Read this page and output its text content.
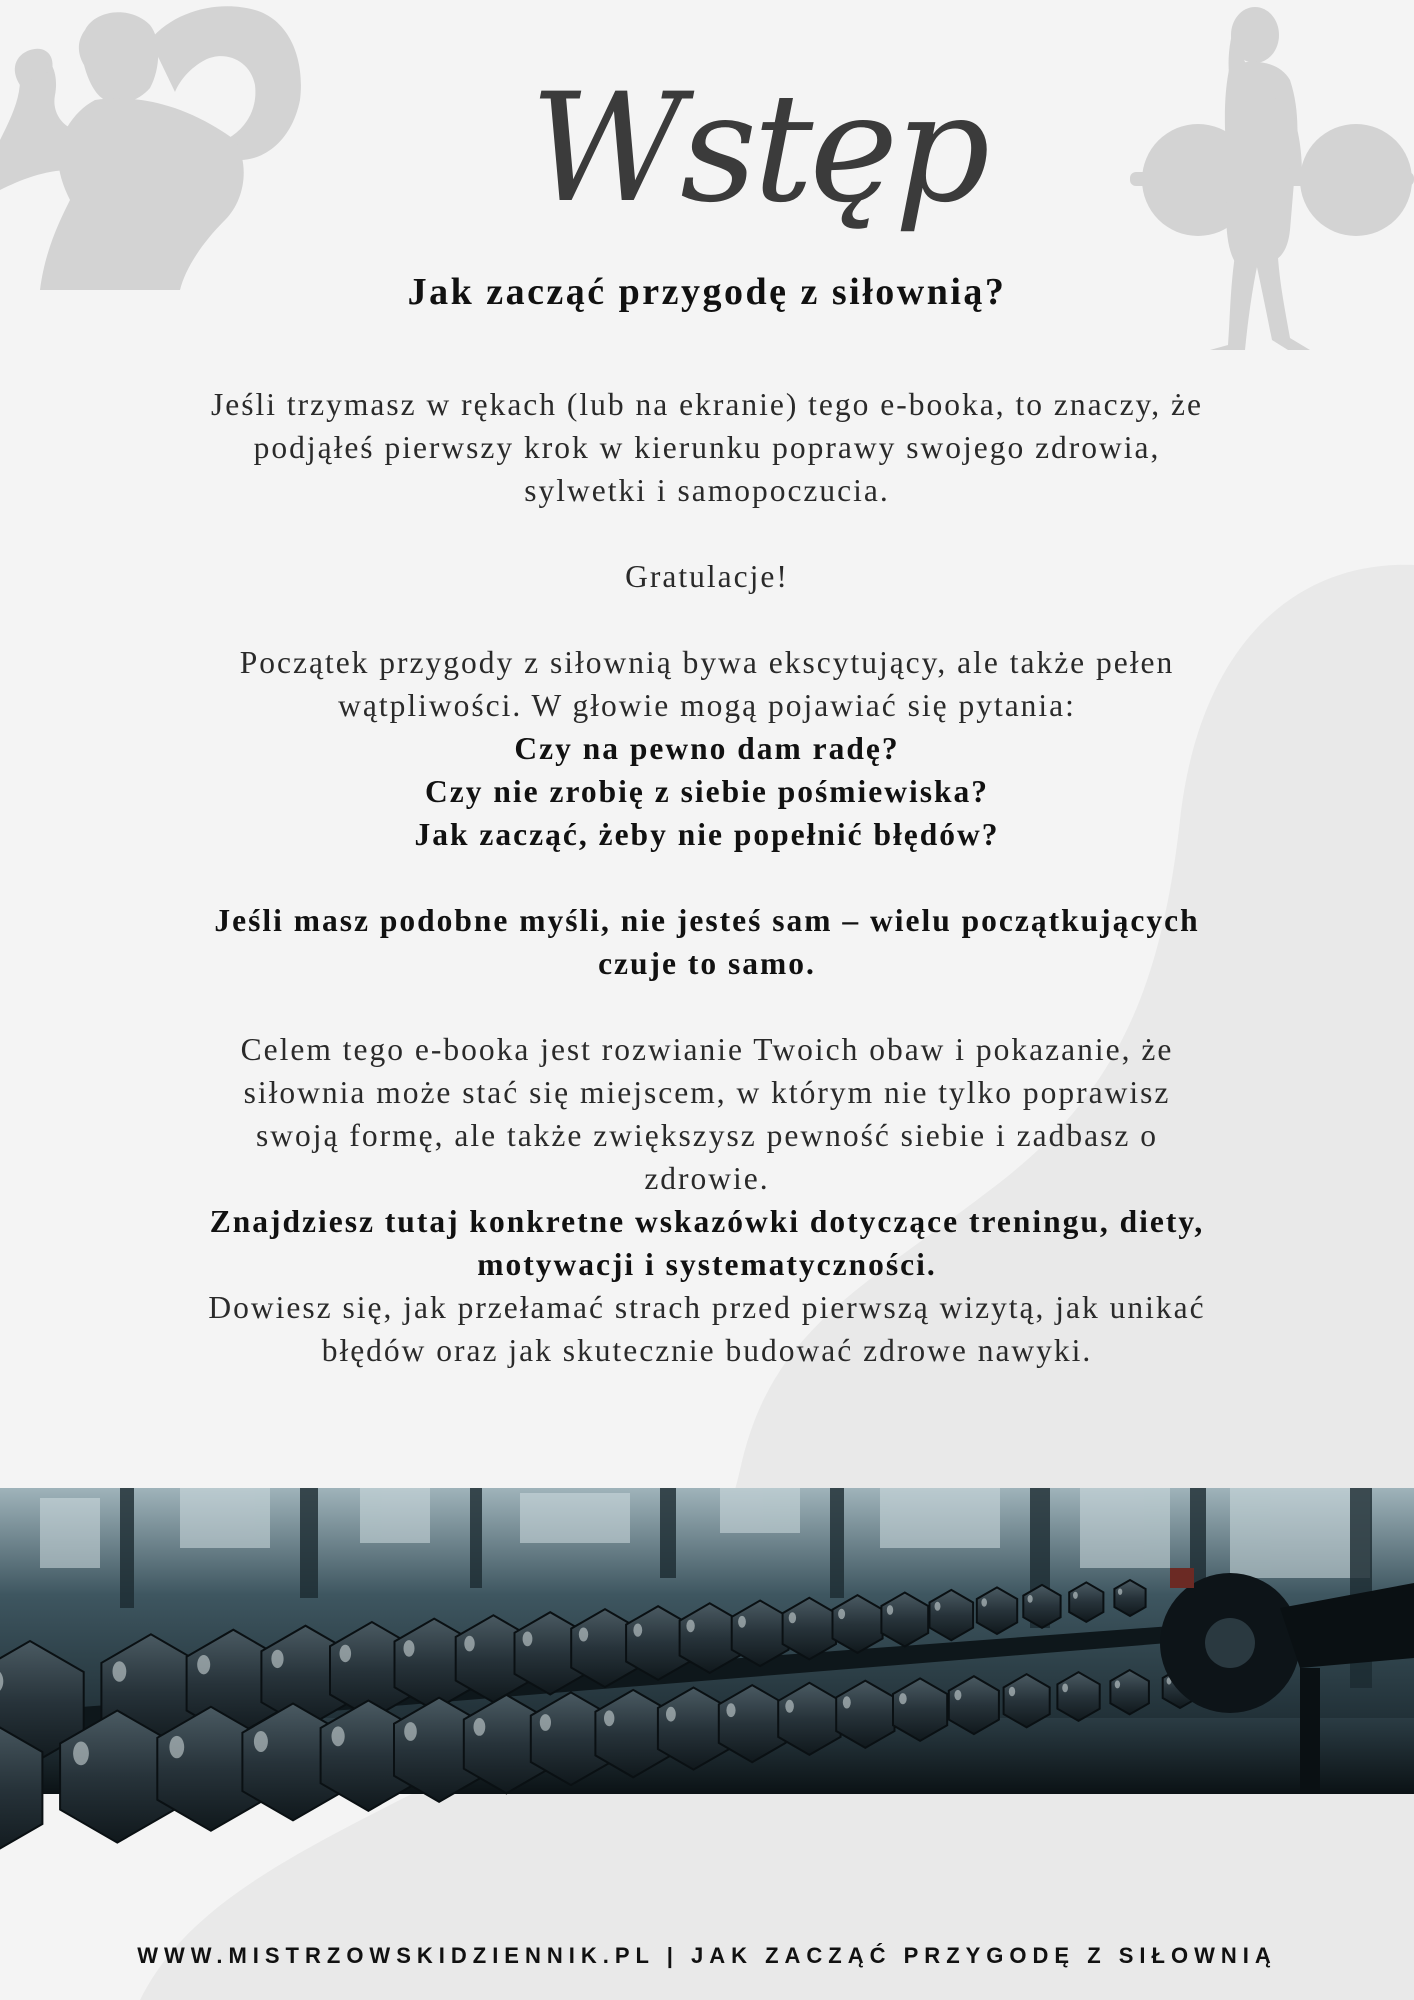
Wstęp
Jak zacząć przygodę z siłownią?

Jeśli trzymasz w rękach (lub na ekranie) tego e-booka, to znaczy, że

podjąłeś pierwszy krok w kierunku poprawy swojego zdrowia,

sylwetki i samopoczucia.

Gratulacje!

Początek przygody z siłownią bywa ekscytujący, ale także pełen

wątpliwości. W głowie mogą pojawiać się pytania:

Czy na pewno dam radę?

Czy nie zrobię z siebie pośmiewiska?

Jak zacząć, żeby nie popełnić błędów?

Jeśli masz podobne myśli, nie jesteś sam – wielu początkujących

czuje to samo.

Celem tego e-booka jest rozwianie Twoich obaw i pokazanie, że

siłownia może stać się miejscem, w którym nie tylko poprawisz

swoją formę, ale także zwiększysz pewność siebie i zadbasz o

zdrowie.

Znajdziesz tutaj konkretne wskazówki dotyczące treningu, diety,

motywacji i systematyczności.

Dowiesz się, jak przełamać strach przed pierwszą wizytą, jak unikać

błędów oraz jak skutecznie budować zdrowe nawyki.

WWW.MISTRZOWSKIDZIENNIK.PL | JAK ZACZĄĆ PRZYGODĘ Z SIŁOWNIĄ
